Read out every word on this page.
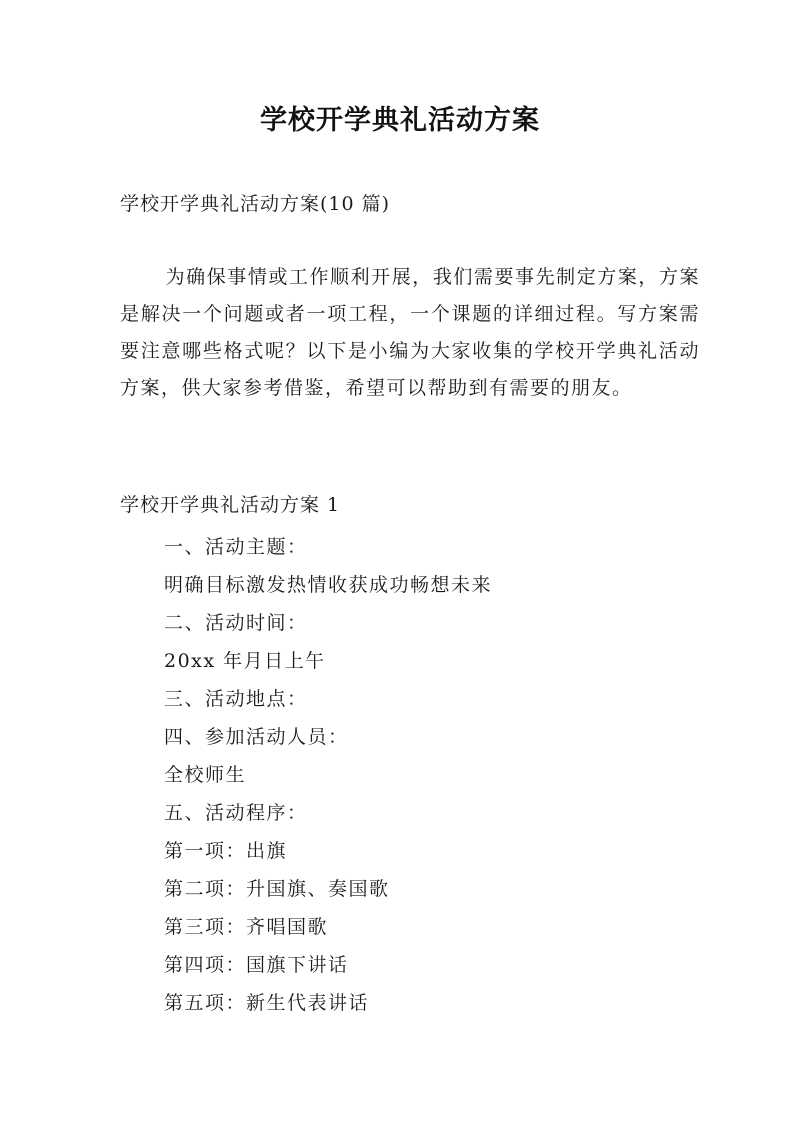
学校开学典礼活动方案
学校开学典礼活动方案(10 篇)
为确保事情或工作顺利开展，我们需要事先制定方案，方案是解决一个问题或者一项工程，一个课题的详细过程。写方案需要注意哪些格式呢？以下是小编为大家收集的学校开学典礼活动方案，供大家参考借鉴，希望可以帮助到有需要的朋友。
学校开学典礼活动方案 1
一、活动主题：
明确目标激发热情收获成功畅想未来
二、活动时间：
20xx 年月日上午
三、活动地点：
四、参加活动人员：
全校师生
五、活动程序：
第一项：出旗
第二项：升国旗、奏国歌
第三项：齐唱国歌
第四项：国旗下讲话
第五项：新生代表讲话
